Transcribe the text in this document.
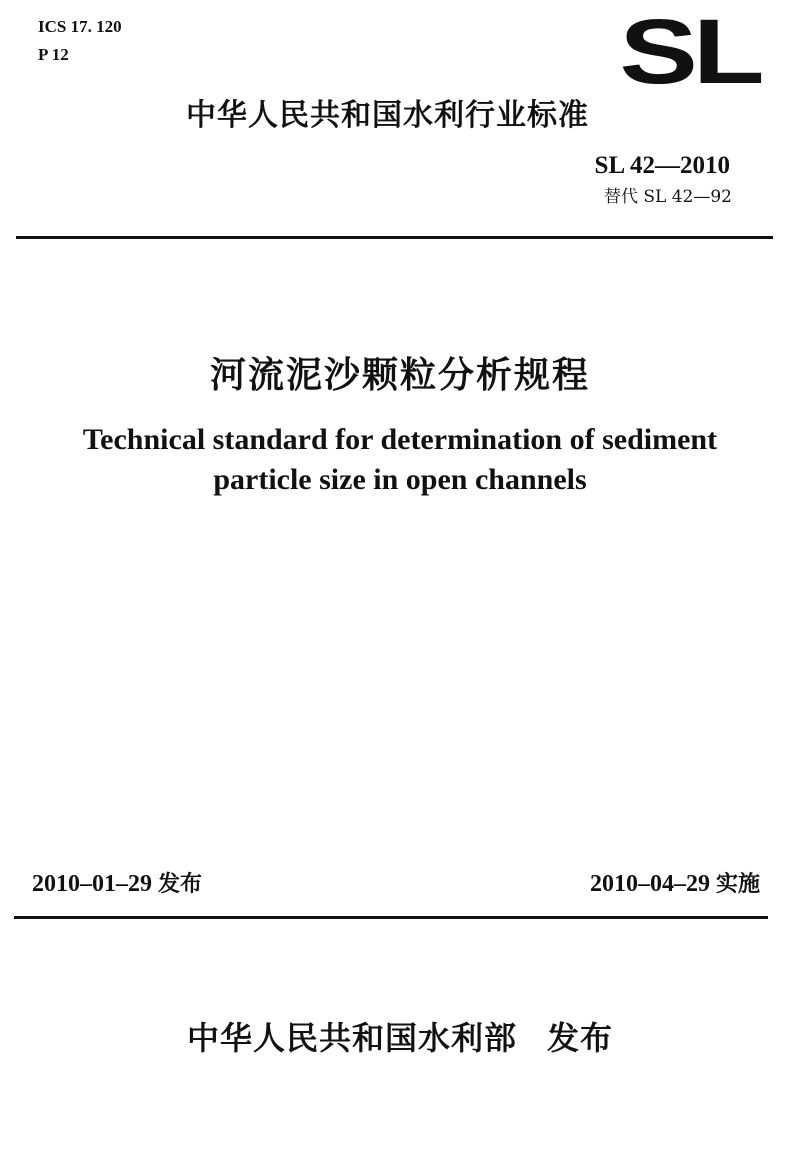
ICS 17. 120
P 12	SL
中华人民共和国水利行业标准
SL 42—2010
替代 SL 42—92
河流泥沙颗粒分析规程
Technical standard for determination of sediment
particle size in open channels
2010–01–29 发布	2010–04–29 实施
中华人民共和国水利部 发布
